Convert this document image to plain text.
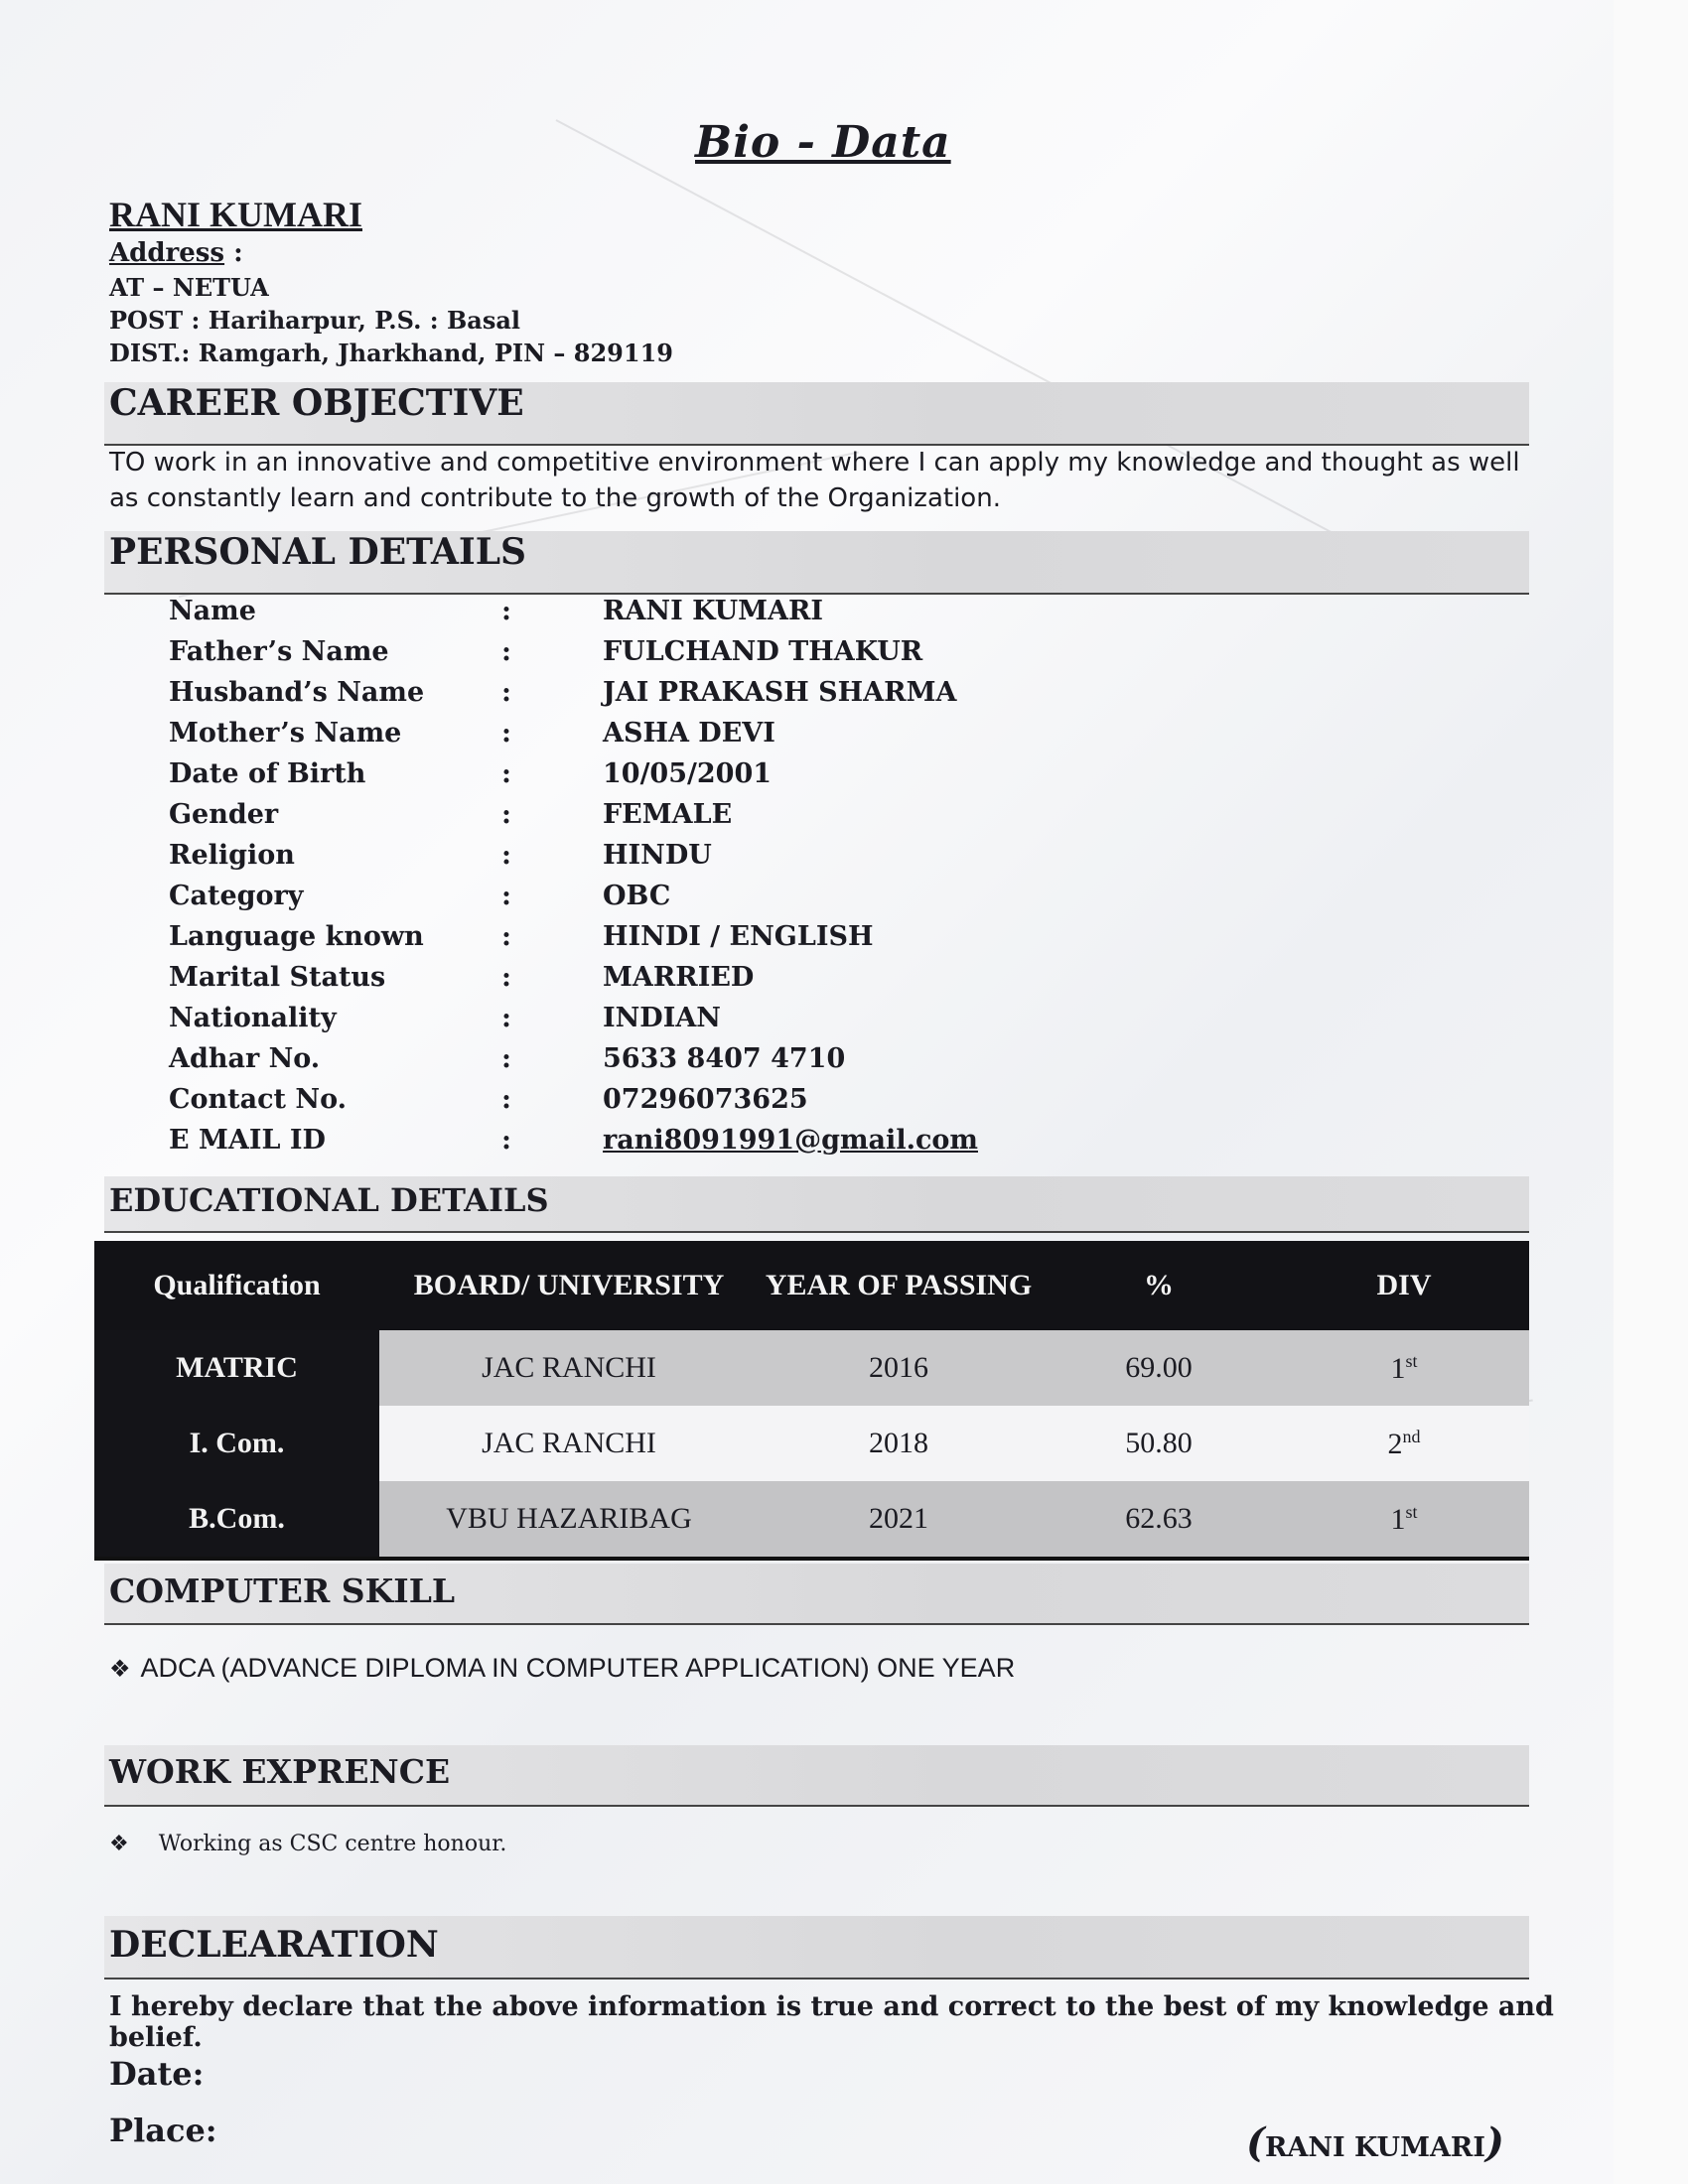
Bio - Data
RANI KUMARI
Address :
AT – NETUA
POST : Hariharpur, P.S. : Basal
DIST.: Ramgarh, Jharkhand, PIN – 829119
CAREER OBJECTIVE
TO work in an innovative and competitive environment where I can apply my knowledge and thought as well as constantly learn and contribute to the growth of the Organization.
PERSONAL DETAILS
Name	:	RANI KUMARI
Father’s Name	:	FULCHAND THAKUR
Husband’s Name	:	JAI PRAKASH SHARMA
Mother’s Name	:	ASHA DEVI
Date of Birth	:	10/05/2001
Gender	:	FEMALE
Religion	:	HINDU
Category	:	OBC
Language known	:	HINDI / ENGLISH
Marital Status	:	MARRIED
Nationality	:	INDIAN
Adhar No.	:	5633 8407 4710
Contact No.	:	07296073625
E MAIL ID	:	rani8091991@gmail.com
EDUCATIONAL DETAILS
Qualification	BOARD/ UNIVERSITY	YEAR OF PASSING	%	DIV
MATRIC	JAC RANCHI	2016	69.00	1st
I. Com.	JAC RANCHI	2018	50.80	2nd
B.Com.	VBU HAZARIBAG	2021	62.63	1st
COMPUTER SKILL
❖ ADCA (ADVANCE DIPLOMA IN COMPUTER APPLICATION) ONE YEAR
WORK EXPRENCE
❖ Working as CSC centre honour.
DECLEARATION
I hereby declare that the above information is true and correct to the best of my knowledge and belief.
Date:
Place:	(RANI KUMARI)
